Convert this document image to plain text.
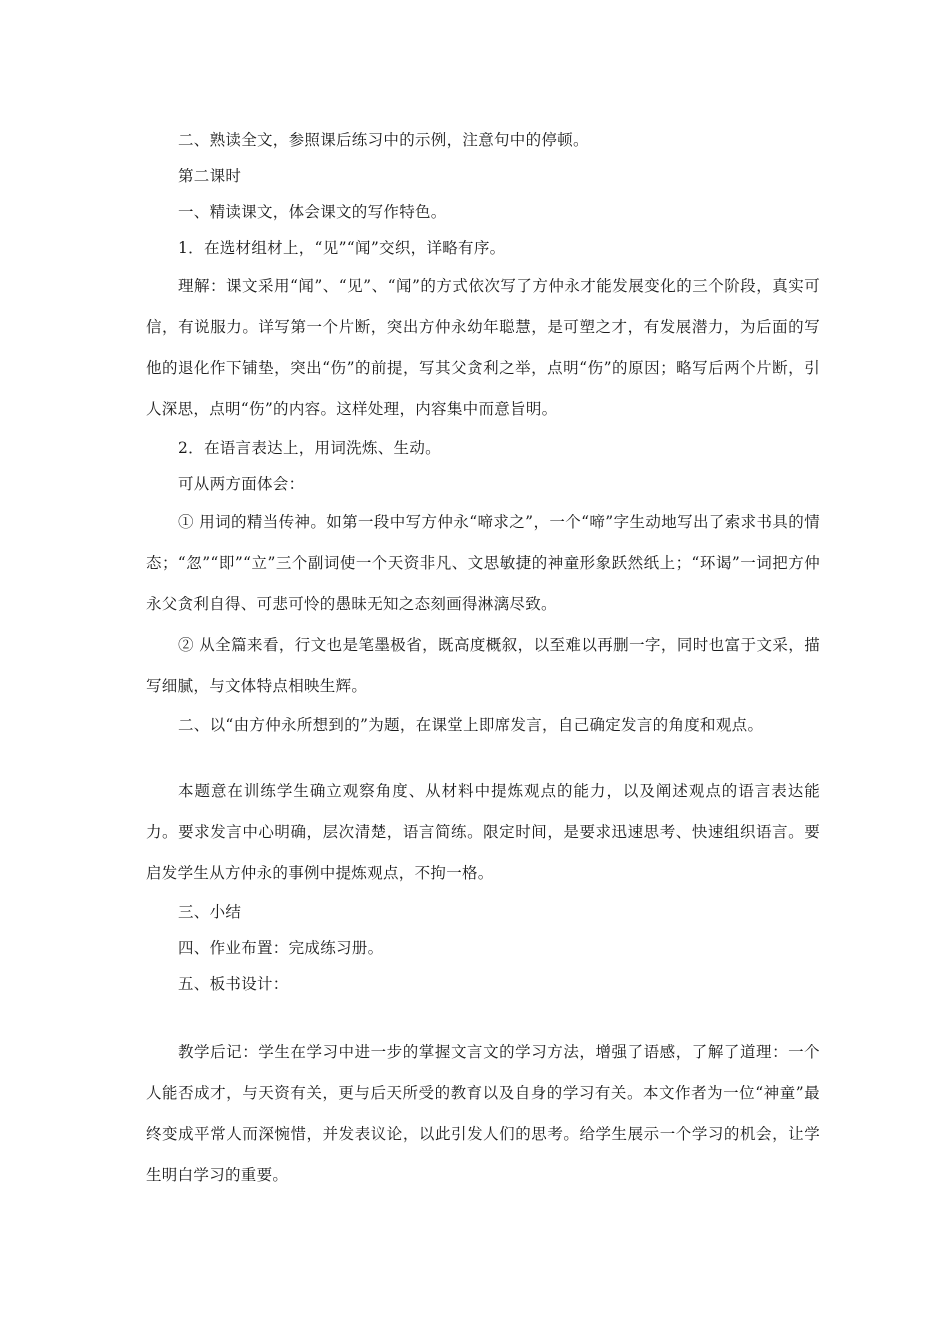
二、熟读全文，参照课后练习中的示例，注意句中的停顿。
第二课时
一、精读课文，体会课文的写作特色。
1．在选材组材上，“见”“闻”交织，详略有序。
理解：课文采用“闻”、“见”、“闻”的方式依次写了方仲永才能发展变化的三个阶段，真实可信，有说服力。详写第一个片断，突出方仲永幼年聪慧，是可塑之才，有发展潜力，为后面的写他的退化作下铺垫，突出“伤”的前提，写其父贪利之举，点明“伤”的原因；略写后两个片断，引人深思，点明“伤”的内容。这样处理，内容集中而意旨明。
2．在语言表达上，用词洗炼、生动。
可从两方面体会：
① 用词的精当传神。如第一段中写方仲永“啼求之”，一个“啼”字生动地写出了索求书具的情态；“忽”“即”“立”三个副词使一个天资非凡、文思敏捷的神童形象跃然纸上；“环谒”一词把方仲永父贪利自得、可悲可怜的愚昧无知之态刻画得淋漓尽致。
② 从全篇来看，行文也是笔墨极省，既高度概叙，以至难以再删一字，同时也富于文采，描写细腻，与文体特点相映生辉。
二、以“由方仲永所想到的”为题，在课堂上即席发言，自己确定发言的角度和观点。
本题意在训练学生确立观察角度、从材料中提炼观点的能力，以及阐述观点的语言表达能力。要求发言中心明确，层次清楚，语言简练。限定时间，是要求迅速思考、快速组织语言。要启发学生从方仲永的事例中提炼观点，不拘一格。
三、小结
四、作业布置：完成练习册。
五、板书设计：
教学后记：学生在学习中进一步的掌握文言文的学习方法，增强了语感，了解了道理：一个人能否成才，与天资有关，更与后天所受的教育以及自身的学习有关。本文作者为一位“神童”最终变成平常人而深惋惜，并发表议论，以此引发人们的思考。给学生展示一个学习的机会，让学生明白学习的重要。
